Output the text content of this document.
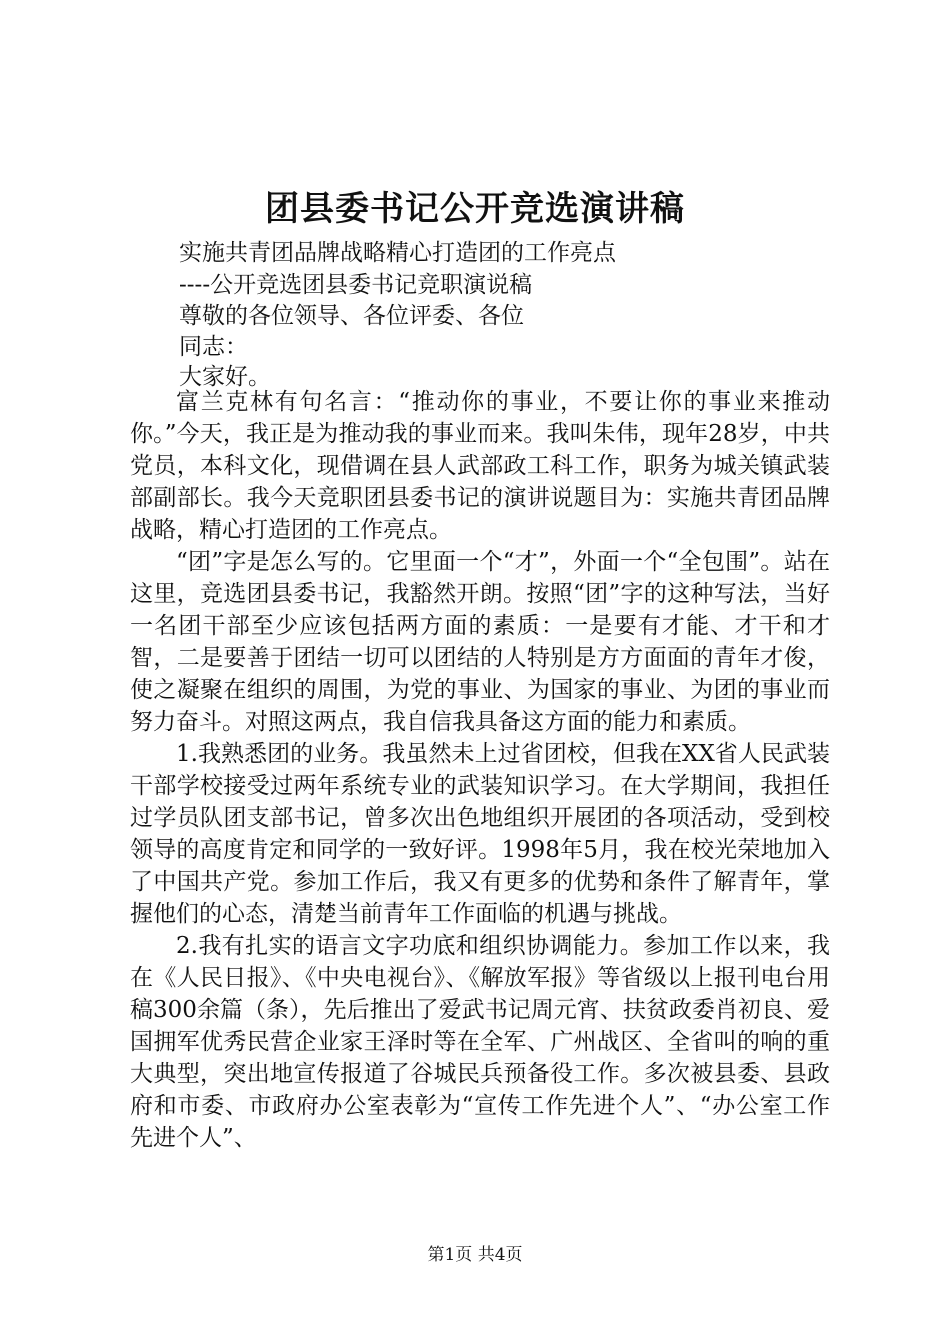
团县委书记公开竞选演讲稿
实施共青团品牌战略精心打造团的工作亮点
----公开竞选团县委书记竞职演说稿
尊敬的各位领导、各位评委、各位
同志：
大家好。

富兰克林有句名言：“推动你的事业，不要让你的事业来推动你。”今天，我正是为推动我的事业而来。我叫朱伟，现年28岁，中共党员，本科文化，现借调在县人武部政工科工作，职务为城关镇武装部副部长。我今天竞职团县委书记的演讲说题目为：实施共青团品牌战略，精心打造团的工作亮点。

“团”字是怎么写的。它里面一个“才”，外面一个“全包围”。站在这里，竞选团县委书记，我豁然开朗。按照“团”字的这种写法，当好一名团干部至少应该包括两方面的素质：一是要有才能、才干和才智，二是要善于团结一切可以团结的人特别是方方面面的青年才俊，使之凝聚在组织的周围，为党的事业、为国家的事业、为团的事业而努力奋斗。对照这两点，我自信我具备这方面的能力和素质。

1.我熟悉团的业务。我虽然未上过省团校，但我在XX省人民武装干部学校接受过两年系统专业的武装知识学习。在大学期间，我担任过学员队团支部书记，曾多次出色地组织开展团的各项活动，受到校领导的高度肯定和同学的一致好评。1998年5月，我在校光荣地加入了中国共产党。参加工作后，我又有更多的优势和条件了解青年，掌握他们的心态，清楚当前青年工作面临的机遇与挑战。

2.我有扎实的语言文字功底和组织协调能力。参加工作以来，我在《人民日报》、《中央电视台》、《解放军报》等省级以上报刊电台用稿300余篇（条），先后推出了爱武书记周元宵、扶贫政委肖初良、爱国拥军优秀民营企业家王泽时等在全军、广州战区、全省叫的响的重大典型，突出地宣传报道了谷城民兵预备役工作。多次被县委、县政府和市委、市政府办公室表彰为“宣传工作先进个人”、“办公室工作先进个人”、

第1页 共4页
